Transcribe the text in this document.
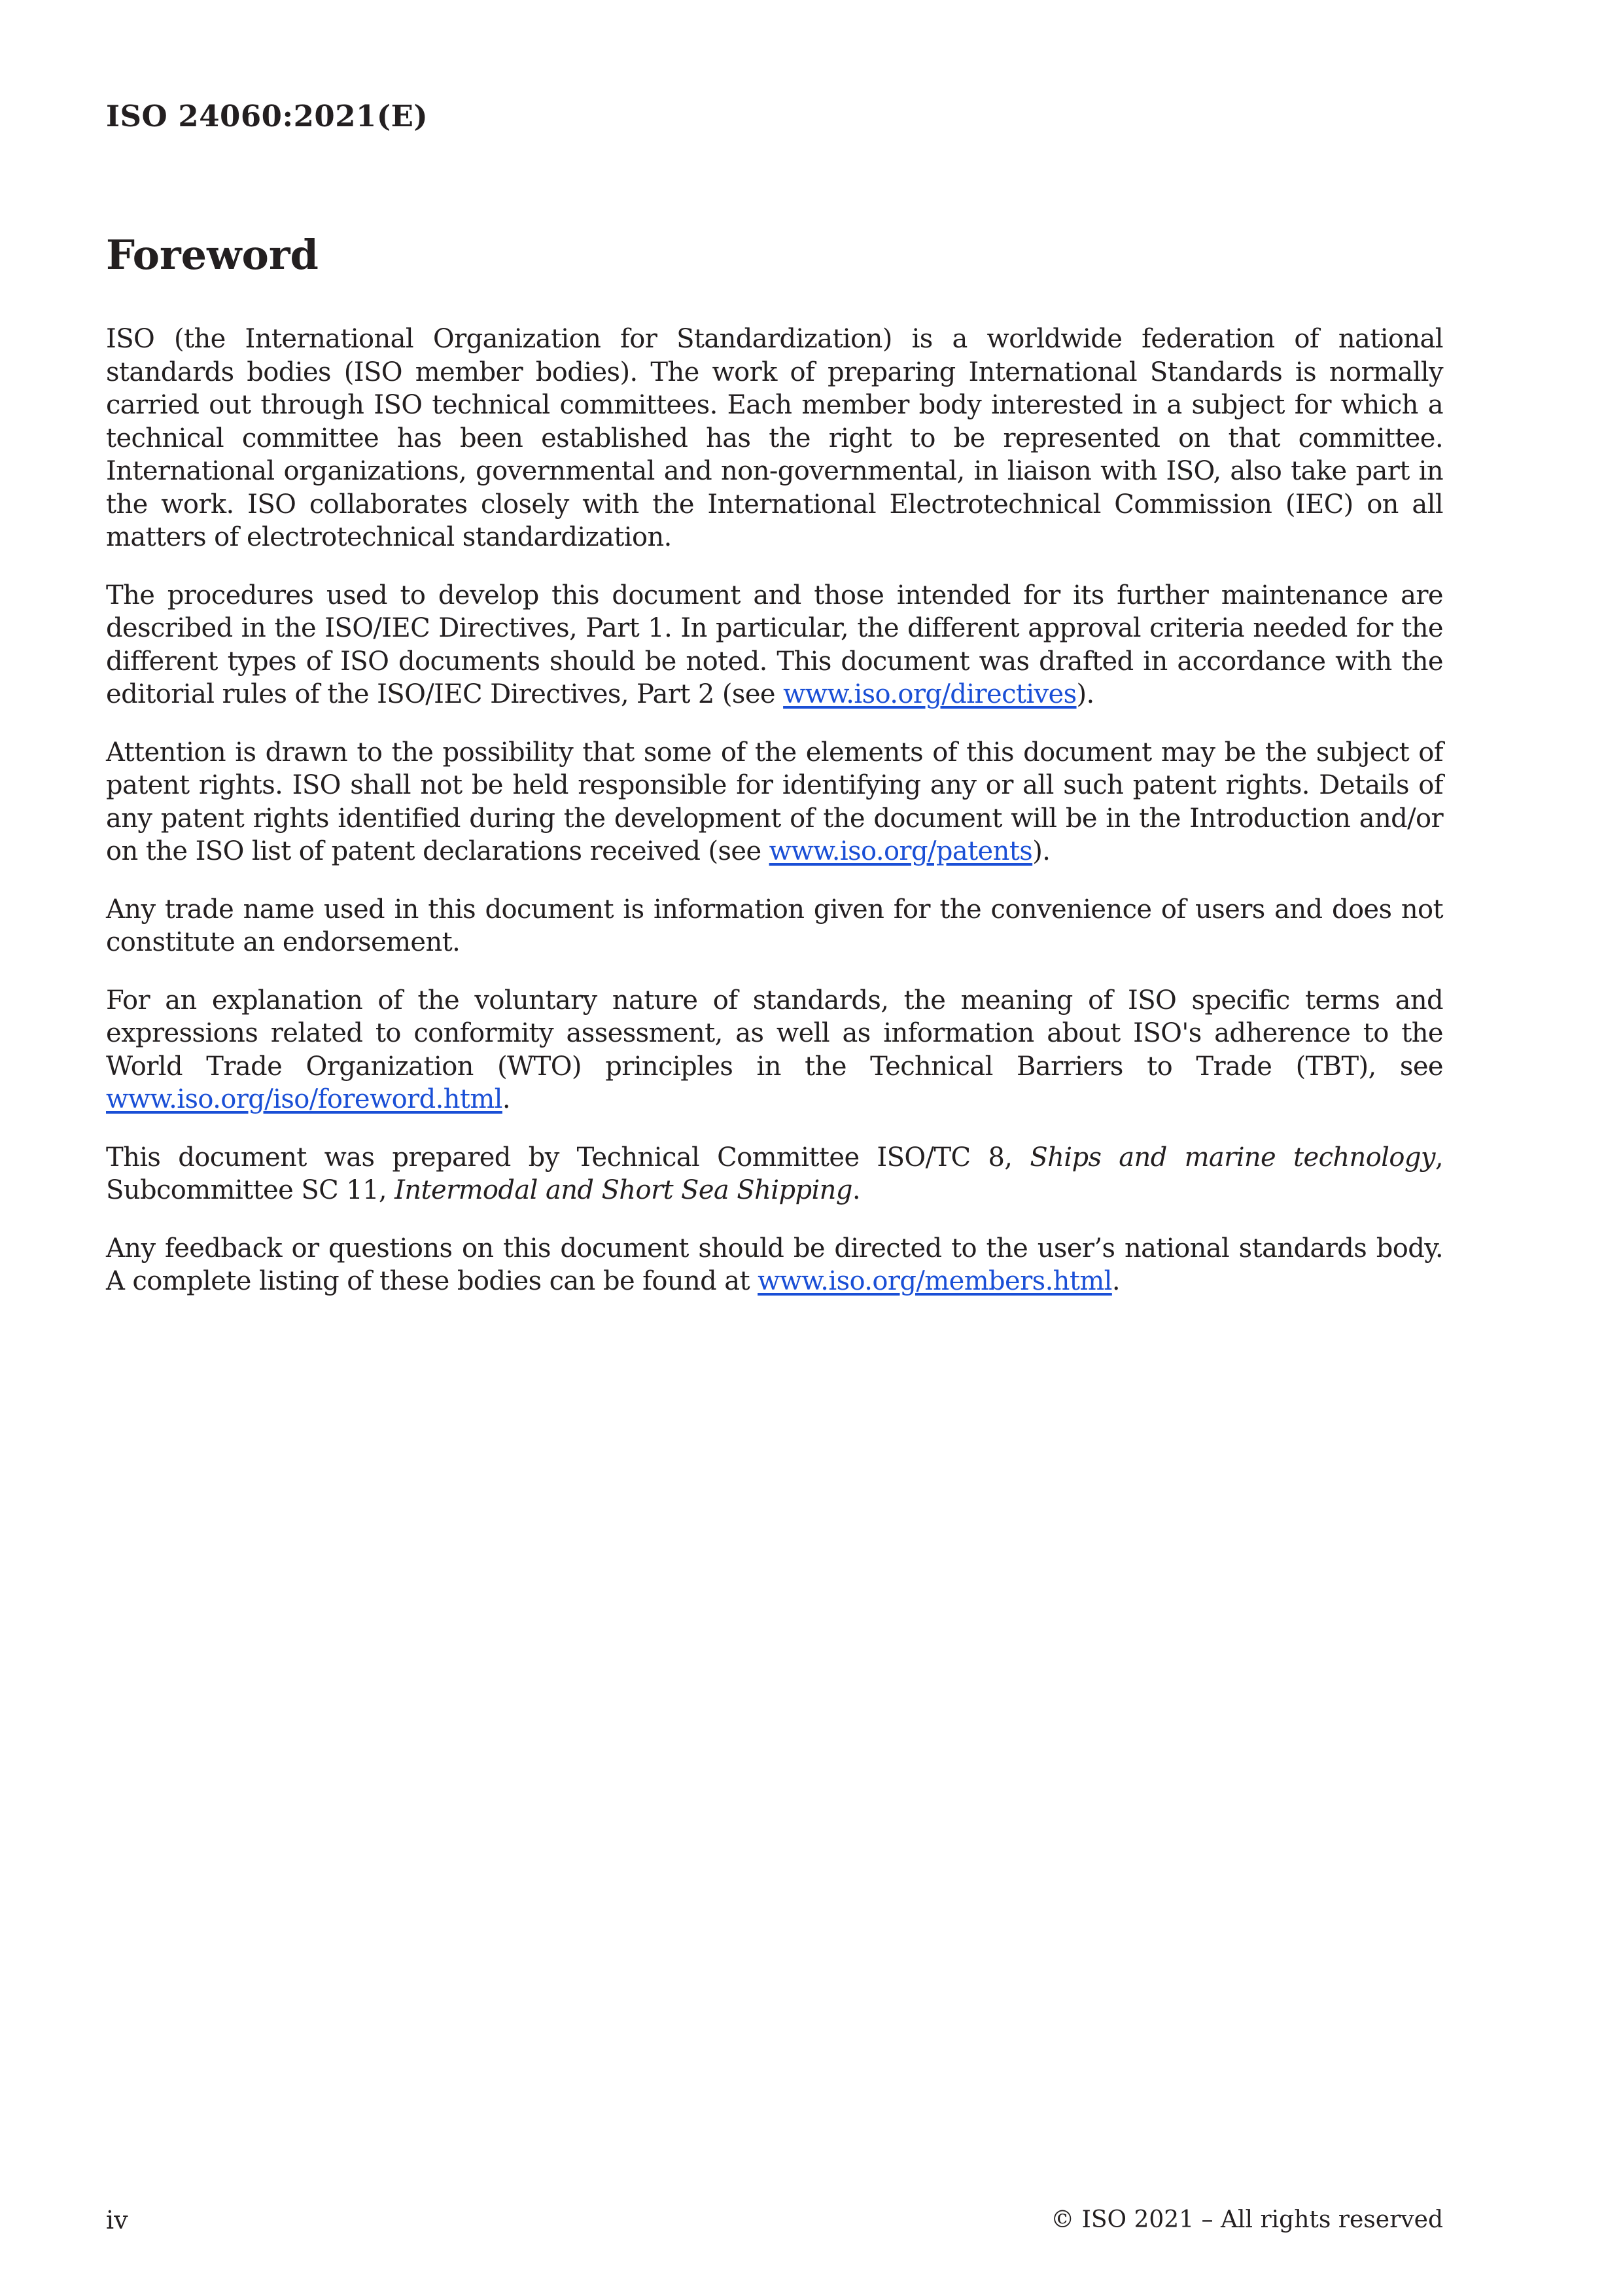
ISO 24060:2021(E)
Foreword

ISO (the International Organization for Standardization) is a worldwide federation of national standards bodies (ISO member bodies). The work of preparing International Standards is normally carried out through ISO technical committees. Each member body interested in a subject for which a technical committee has been established has the right to be represented on that committee. International organizations, governmental and non-governmental, in liaison with ISO, also take part in the work. ISO collaborates closely with the International Electrotechnical Commission (IEC) on all matters of electrotechnical standardization.

The procedures used to develop this document and those intended for its further maintenance are described in the ISO/IEC Directives, Part 1. In particular, the different approval criteria needed for the different types of ISO documents should be noted. This document was drafted in accordance with the editorial rules of the ISO/IEC Directives, Part 2 (see www.iso.org/directives).

Attention is drawn to the possibility that some of the elements of this document may be the subject of patent rights. ISO shall not be held responsible for identifying any or all such patent rights. Details of any patent rights identified during the development of the document will be in the Introduction and/or on the ISO list of patent declarations received (see www.iso.org/patents).

Any trade name used in this document is information given for the convenience of users and does not constitute an endorsement.

For an explanation of the voluntary nature of standards, the meaning of ISO specific terms and expressions related to conformity assessment, as well as information about ISO's adherence to the World Trade Organization (WTO) principles in the Technical Barriers to Trade (TBT), see www.iso.org/iso/foreword.html.

This document was prepared by Technical Committee ISO/TC 8, Ships and marine technology, Subcommittee SC 11, Intermodal and Short Sea Shipping.

Any feedback or questions on this document should be directed to the user’s national standards body. A complete listing of these bodies can be found at www.iso.org/members.html.

iv	© ISO 2021 – All rights reserved
